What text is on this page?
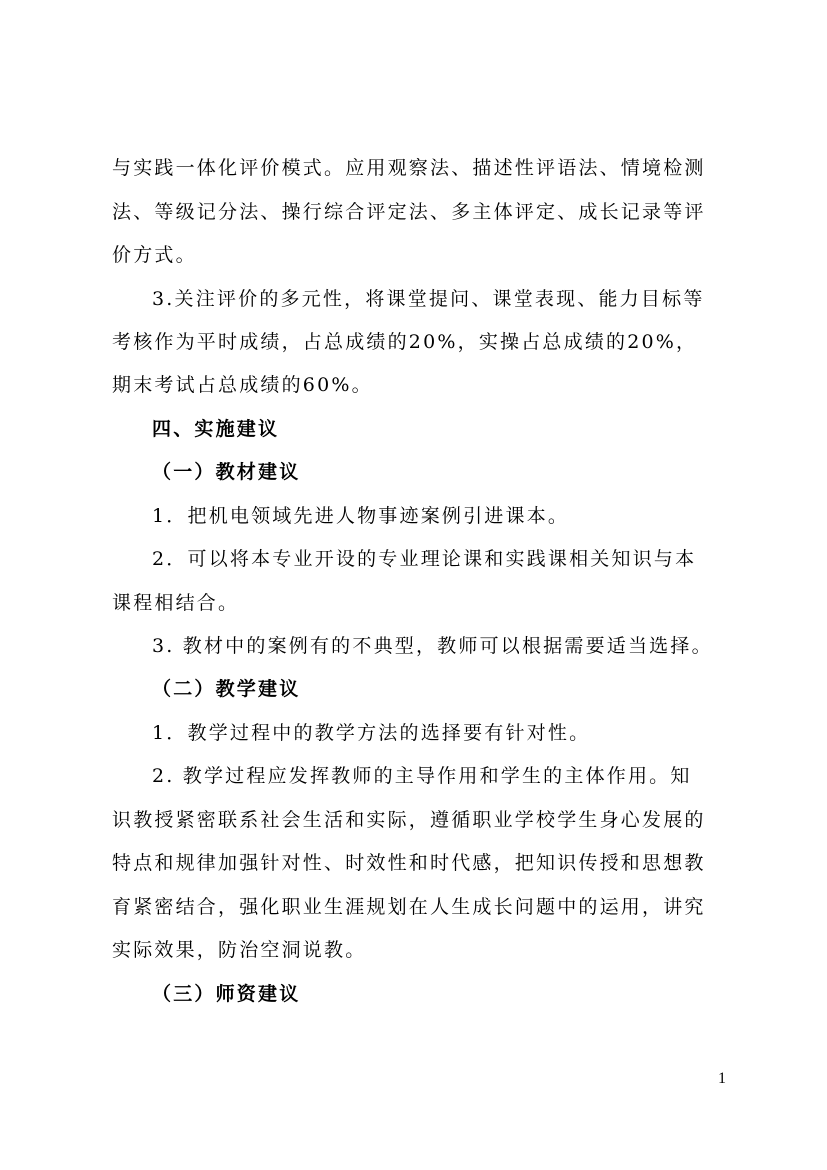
与实践一体化评价模式。应用观察法、描述性评语法、情境检测
法、等级记分法、操行综合评定法、多主体评定、成长记录等评
价方式。
3.关注评价的多元性，将课堂提问、课堂表现、能力目标等
考核作为平时成绩，占总成绩的20%，实操占总成绩的20%，
期末考试占总成绩的60%。
四、实施建议
（一）教材建议
1．把机电领域先进人物事迹案例引进课本。
2．可以将本专业开设的专业理论课和实践课相关知识与本
课程相结合。
3. 教材中的案例有的不典型，教师可以根据需要适当选择。
（二）教学建议
1．教学过程中的教学方法的选择要有针对性。
2. 教学过程应发挥教师的主导作用和学生的主体作用。知
识教授紧密联系社会生活和实际，遵循职业学校学生身心发展的
特点和规律加强针对性、时效性和时代感，把知识传授和思想教
育紧密结合，强化职业生涯规划在人生成长问题中的运用，讲究
实际效果，防治空洞说教。
（三）师资建议
1
